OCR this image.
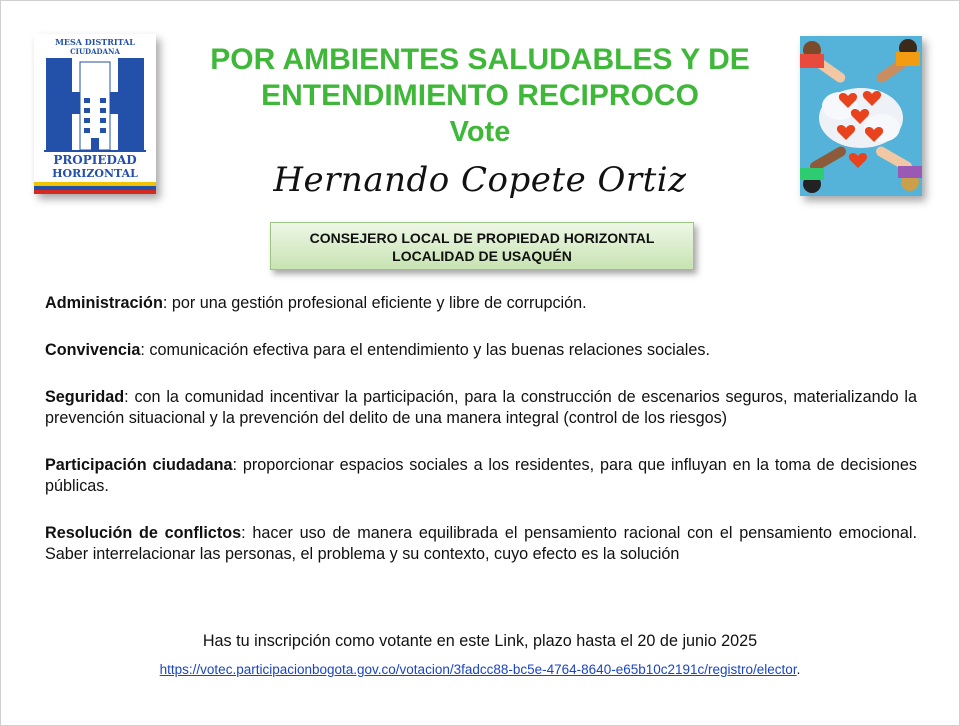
MESA DISTRITAL
CIUDADANA
PROPIEDAD
HORIZONTAL
POR AMBIENTES SALUDABLES Y DE
ENTENDIMIENTO RECIPROCO
Vote
Hernando Copete Ortiz
CONSEJERO LOCAL DE PROPIEDAD HORIZONTAL
LOCALIDAD DE USAQUÉN
Administración: por una gestión profesional eficiente y libre de corrupción.
Convivencia: comunicación efectiva para el entendimiento y las buenas relaciones sociales.
Seguridad: con la comunidad incentivar la participación, para la construcción de escenarios seguros, materializando la prevención situacional y la prevención del delito de una manera integral (control de los riesgos)
Participación ciudadana: proporcionar espacios sociales a los residentes, para que influyan en la toma de decisiones públicas.
Resolución de conflictos: hacer uso de manera equilibrada el pensamiento racional con el pensamiento emocional. Saber interrelacionar las personas, el problema y su contexto, cuyo efecto es la solución
Has tu inscripción como votante en este Link, plazo hasta el 20 de junio 2025
https://votec.participacionbogota.gov.co/votacion/3fadcc88-bc5e-4764-8640-e65b10c2191c/registro/elector.
